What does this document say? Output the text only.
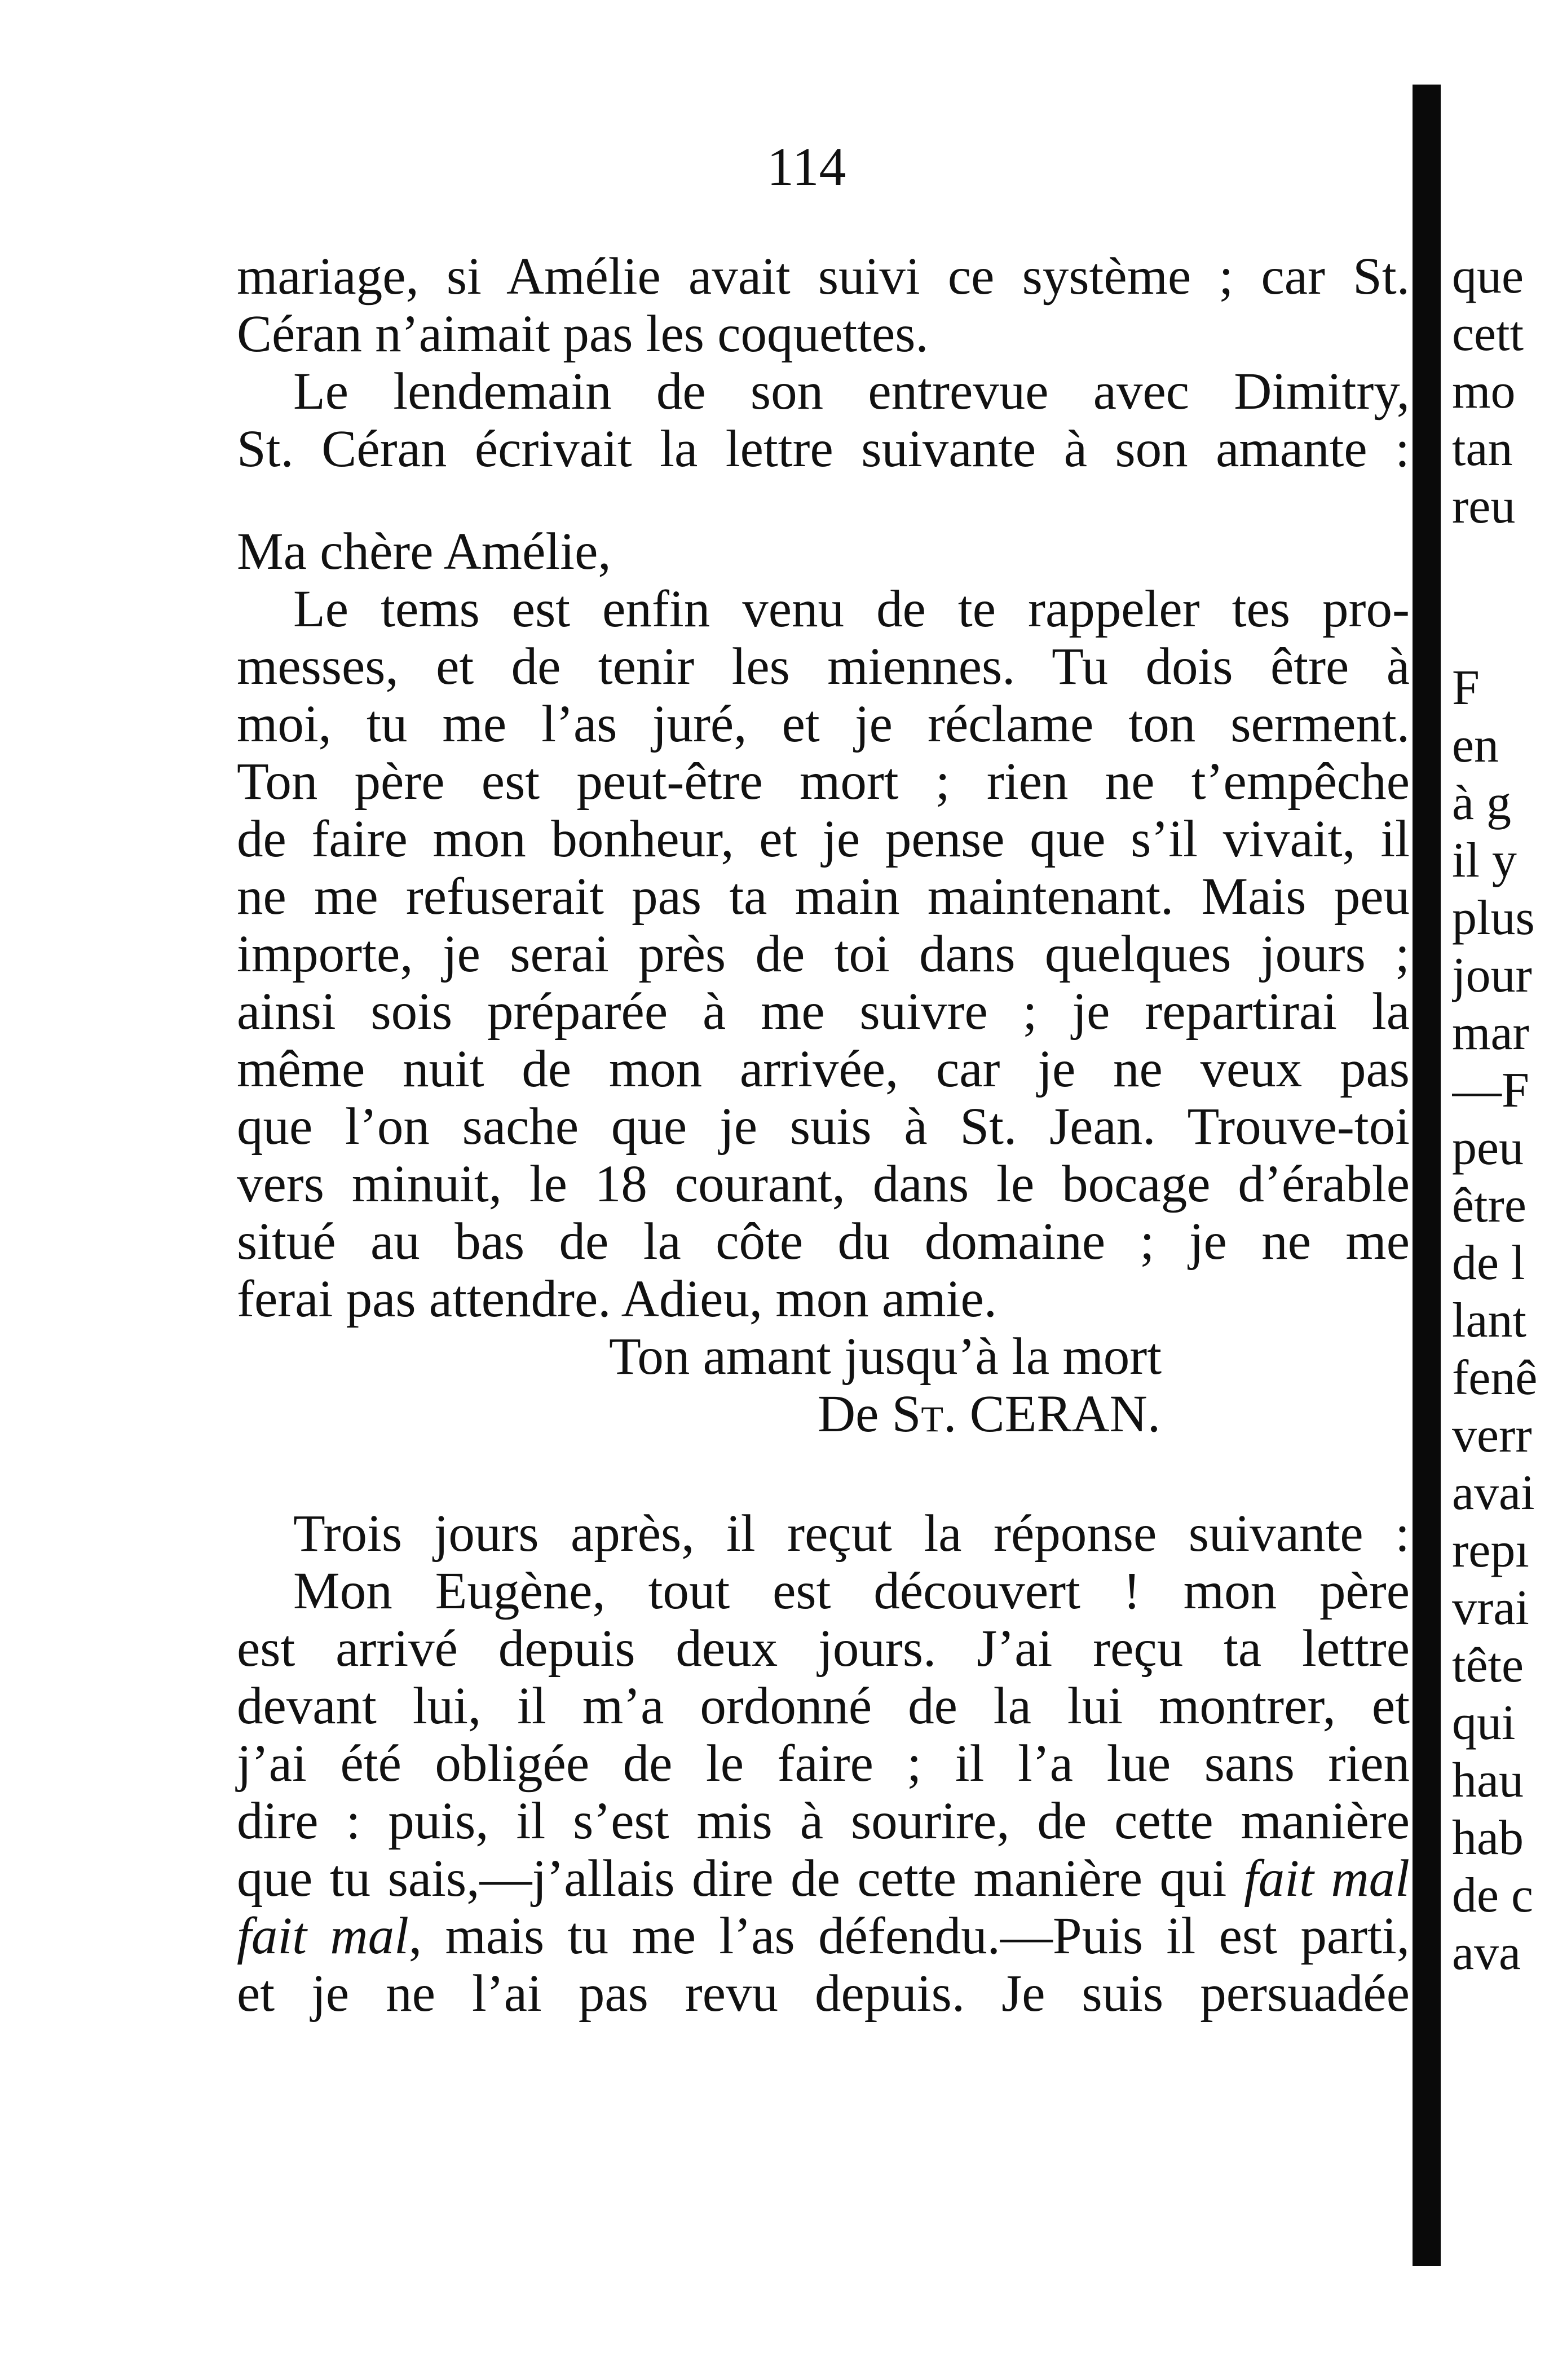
114
mariage, si Amélie avait suivi ce système ; car St.
Céran n’aimait pas les coquettes.
Le lendemain de son entrevue avec Dimitry,
St. Céran écrivait la lettre suivante à son amante :
Ma chère Amélie,
Le tems est enfin venu de te rappeler tes pro-
messes, et de tenir les miennes. Tu dois être à
moi, tu me l’as juré, et je réclame ton serment.
Ton père est peut-être mort ; rien ne t’empêche
de faire mon bonheur, et je pense que s’il vivait, il
ne me refuserait pas ta main maintenant. Mais peu
importe, je serai près de toi dans quelques jours ;
ainsi sois préparée à me suivre ; je repartirai la
même nuit de mon arrivée, car je ne veux pas
que l’on sache que je suis à St. Jean. Trouve-toi
vers minuit, le 18 courant, dans le bocage d’érable
situé au bas de la côte du domaine ; je ne me
ferai pas attendre. Adieu, mon amie.
Ton amant jusqu’à la mort
De St. CERAN.
Trois jours après, il reçut la réponse suivante :
Mon Eugène, tout est découvert ! mon père
est arrivé depuis deux jours. J’ai reçu ta lettre
devant lui, il m’a ordonné de la lui montrer, et
j’ai été obligée de le faire ; il l’a lue sans rien
dire : puis, il s’est mis à sourire, de cette manière
que tu sais,—j’allais dire de cette manière qui fait mal
fait mal, mais tu me l’as défendu.—Puis il est parti,
et je ne l’ai pas revu depuis. Je suis persuadée
que
cett
mo
tan
reu
F
en
à g
il y
plus
jour
mar
—F
peu
être
de l
lant
fenê
verr
avai
repı
vrai
tête
qui
hau
hab
de c
ava
